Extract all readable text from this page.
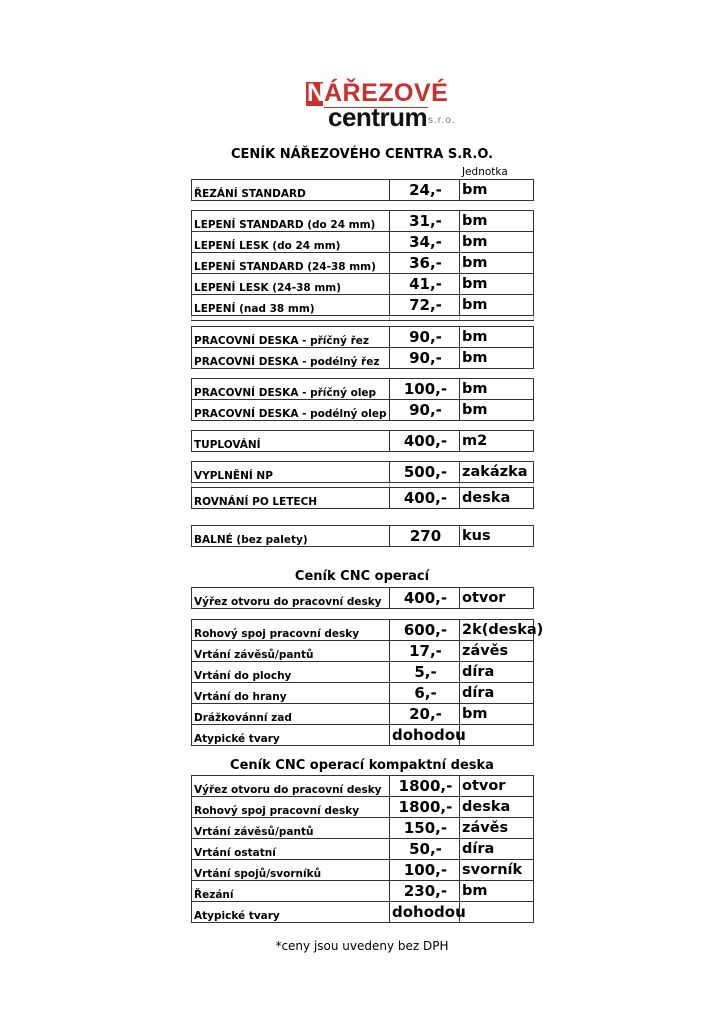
N
ÁŘEZOVÉ
centrum s.r.o.
CENÍK NÁŘEZOVÉHO CENTRA S.R.O.
Jednotka
ŘEZÁNÍ STANDARD	24,-	bm
LEPENÍ STANDARD (do 24 mm)	31,-	bm
LEPENÍ LESK (do 24 mm)	34,-	bm
LEPENÍ STANDARD (24-38 mm)	36,-	bm
LEPENÍ LESK (24-38 mm)	41,-	bm
LEPENÍ (nad 38 mm)	72,-	bm

PRACOVNÍ DESKA - příčný řez	90,-	bm
PRACOVNÍ DESKA - podélný řez	90,-	bm
PRACOVNÍ DESKA - příčný olep	100,-	bm
PRACOVNÍ DESKA - podélný olep	90,-	bm
TUPLOVÁNÍ	400,-	m2
VYPLNĚNÍ NP	500,-	zakázka

ROVNÁNÍ PO LETECH	400,-	deska
BALNÉ (bez palety)	270	kus
Ceník CNC operací
Výřez otvoru do pracovní desky	400,-	otvor
Rohový spoj pracovní desky	600,-	2k(deska)
Vrtání závěsů/pantů	17,-	závěs
Vrtání do plochy	5,-	díra
Vrtání do hrany	6,-	díra
Drážkovánní zad	20,-	bm
Atypické tvary	dohodou	
Ceník CNC operací kompaktní deska
Výřez otvoru do pracovní desky	1800,-	otvor
Rohový spoj pracovní desky	1800,-	deska
Vrtání závěsů/pantů	150,-	závěs
Vrtání ostatní	50,-	díra
Vrtání spojů/svorníků	100,-	svorník
Řezání	230,-	bm
Atypické tvary	dohodou	
*ceny jsou uvedeny bez DPH
